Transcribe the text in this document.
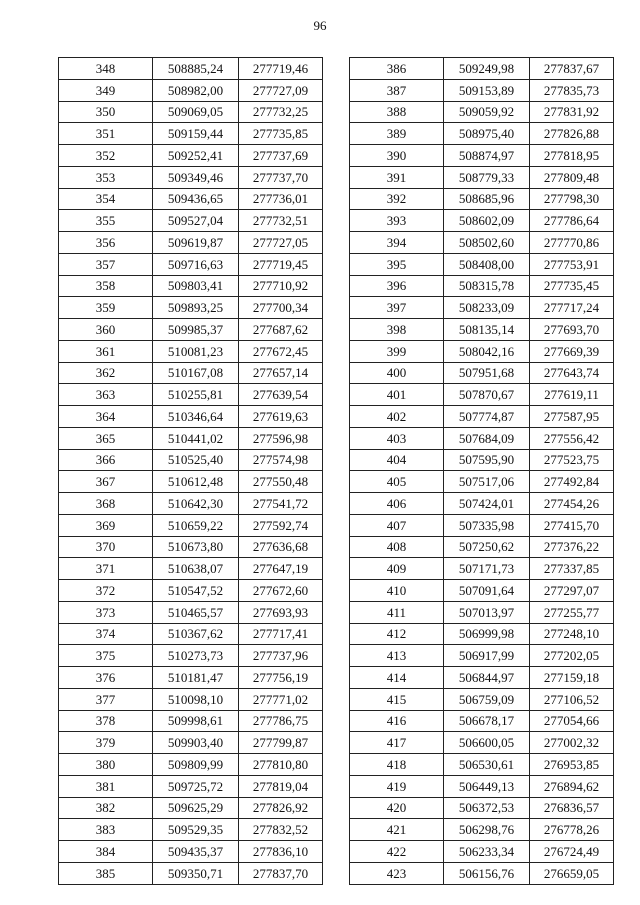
96
348	508885,24	277719,46
349	508982,00	277727,09
350	509069,05	277732,25
351	509159,44	277735,85
352	509252,41	277737,69
353	509349,46	277737,70
354	509436,65	277736,01
355	509527,04	277732,51
356	509619,87	277727,05
357	509716,63	277719,45
358	509803,41	277710,92
359	509893,25	277700,34
360	509985,37	277687,62
361	510081,23	277672,45
362	510167,08	277657,14
363	510255,81	277639,54
364	510346,64	277619,63
365	510441,02	277596,98
366	510525,40	277574,98
367	510612,48	277550,48
368	510642,30	277541,72
369	510659,22	277592,74
370	510673,80	277636,68
371	510638,07	277647,19
372	510547,52	277672,60
373	510465,57	277693,93
374	510367,62	277717,41
375	510273,73	277737,96
376	510181,47	277756,19
377	510098,10	277771,02
378	509998,61	277786,75
379	509903,40	277799,87
380	509809,99	277810,80
381	509725,72	277819,04
382	509625,29	277826,92
383	509529,35	277832,52
384	509435,37	277836,10
385	509350,71	277837,70
386	509249,98	277837,67
387	509153,89	277835,73
388	509059,92	277831,92
389	508975,40	277826,88
390	508874,97	277818,95
391	508779,33	277809,48
392	508685,96	277798,30
393	508602,09	277786,64
394	508502,60	277770,86
395	508408,00	277753,91
396	508315,78	277735,45
397	508233,09	277717,24
398	508135,14	277693,70
399	508042,16	277669,39
400	507951,68	277643,74
401	507870,67	277619,11
402	507774,87	277587,95
403	507684,09	277556,42
404	507595,90	277523,75
405	507517,06	277492,84
406	507424,01	277454,26
407	507335,98	277415,70
408	507250,62	277376,22
409	507171,73	277337,85
410	507091,64	277297,07
411	507013,97	277255,77
412	506999,98	277248,10
413	506917,99	277202,05
414	506844,97	277159,18
415	506759,09	277106,52
416	506678,17	277054,66
417	506600,05	277002,32
418	506530,61	276953,85
419	506449,13	276894,62
420	506372,53	276836,57
421	506298,76	276778,26
422	506233,34	276724,49
423	506156,76	276659,05
